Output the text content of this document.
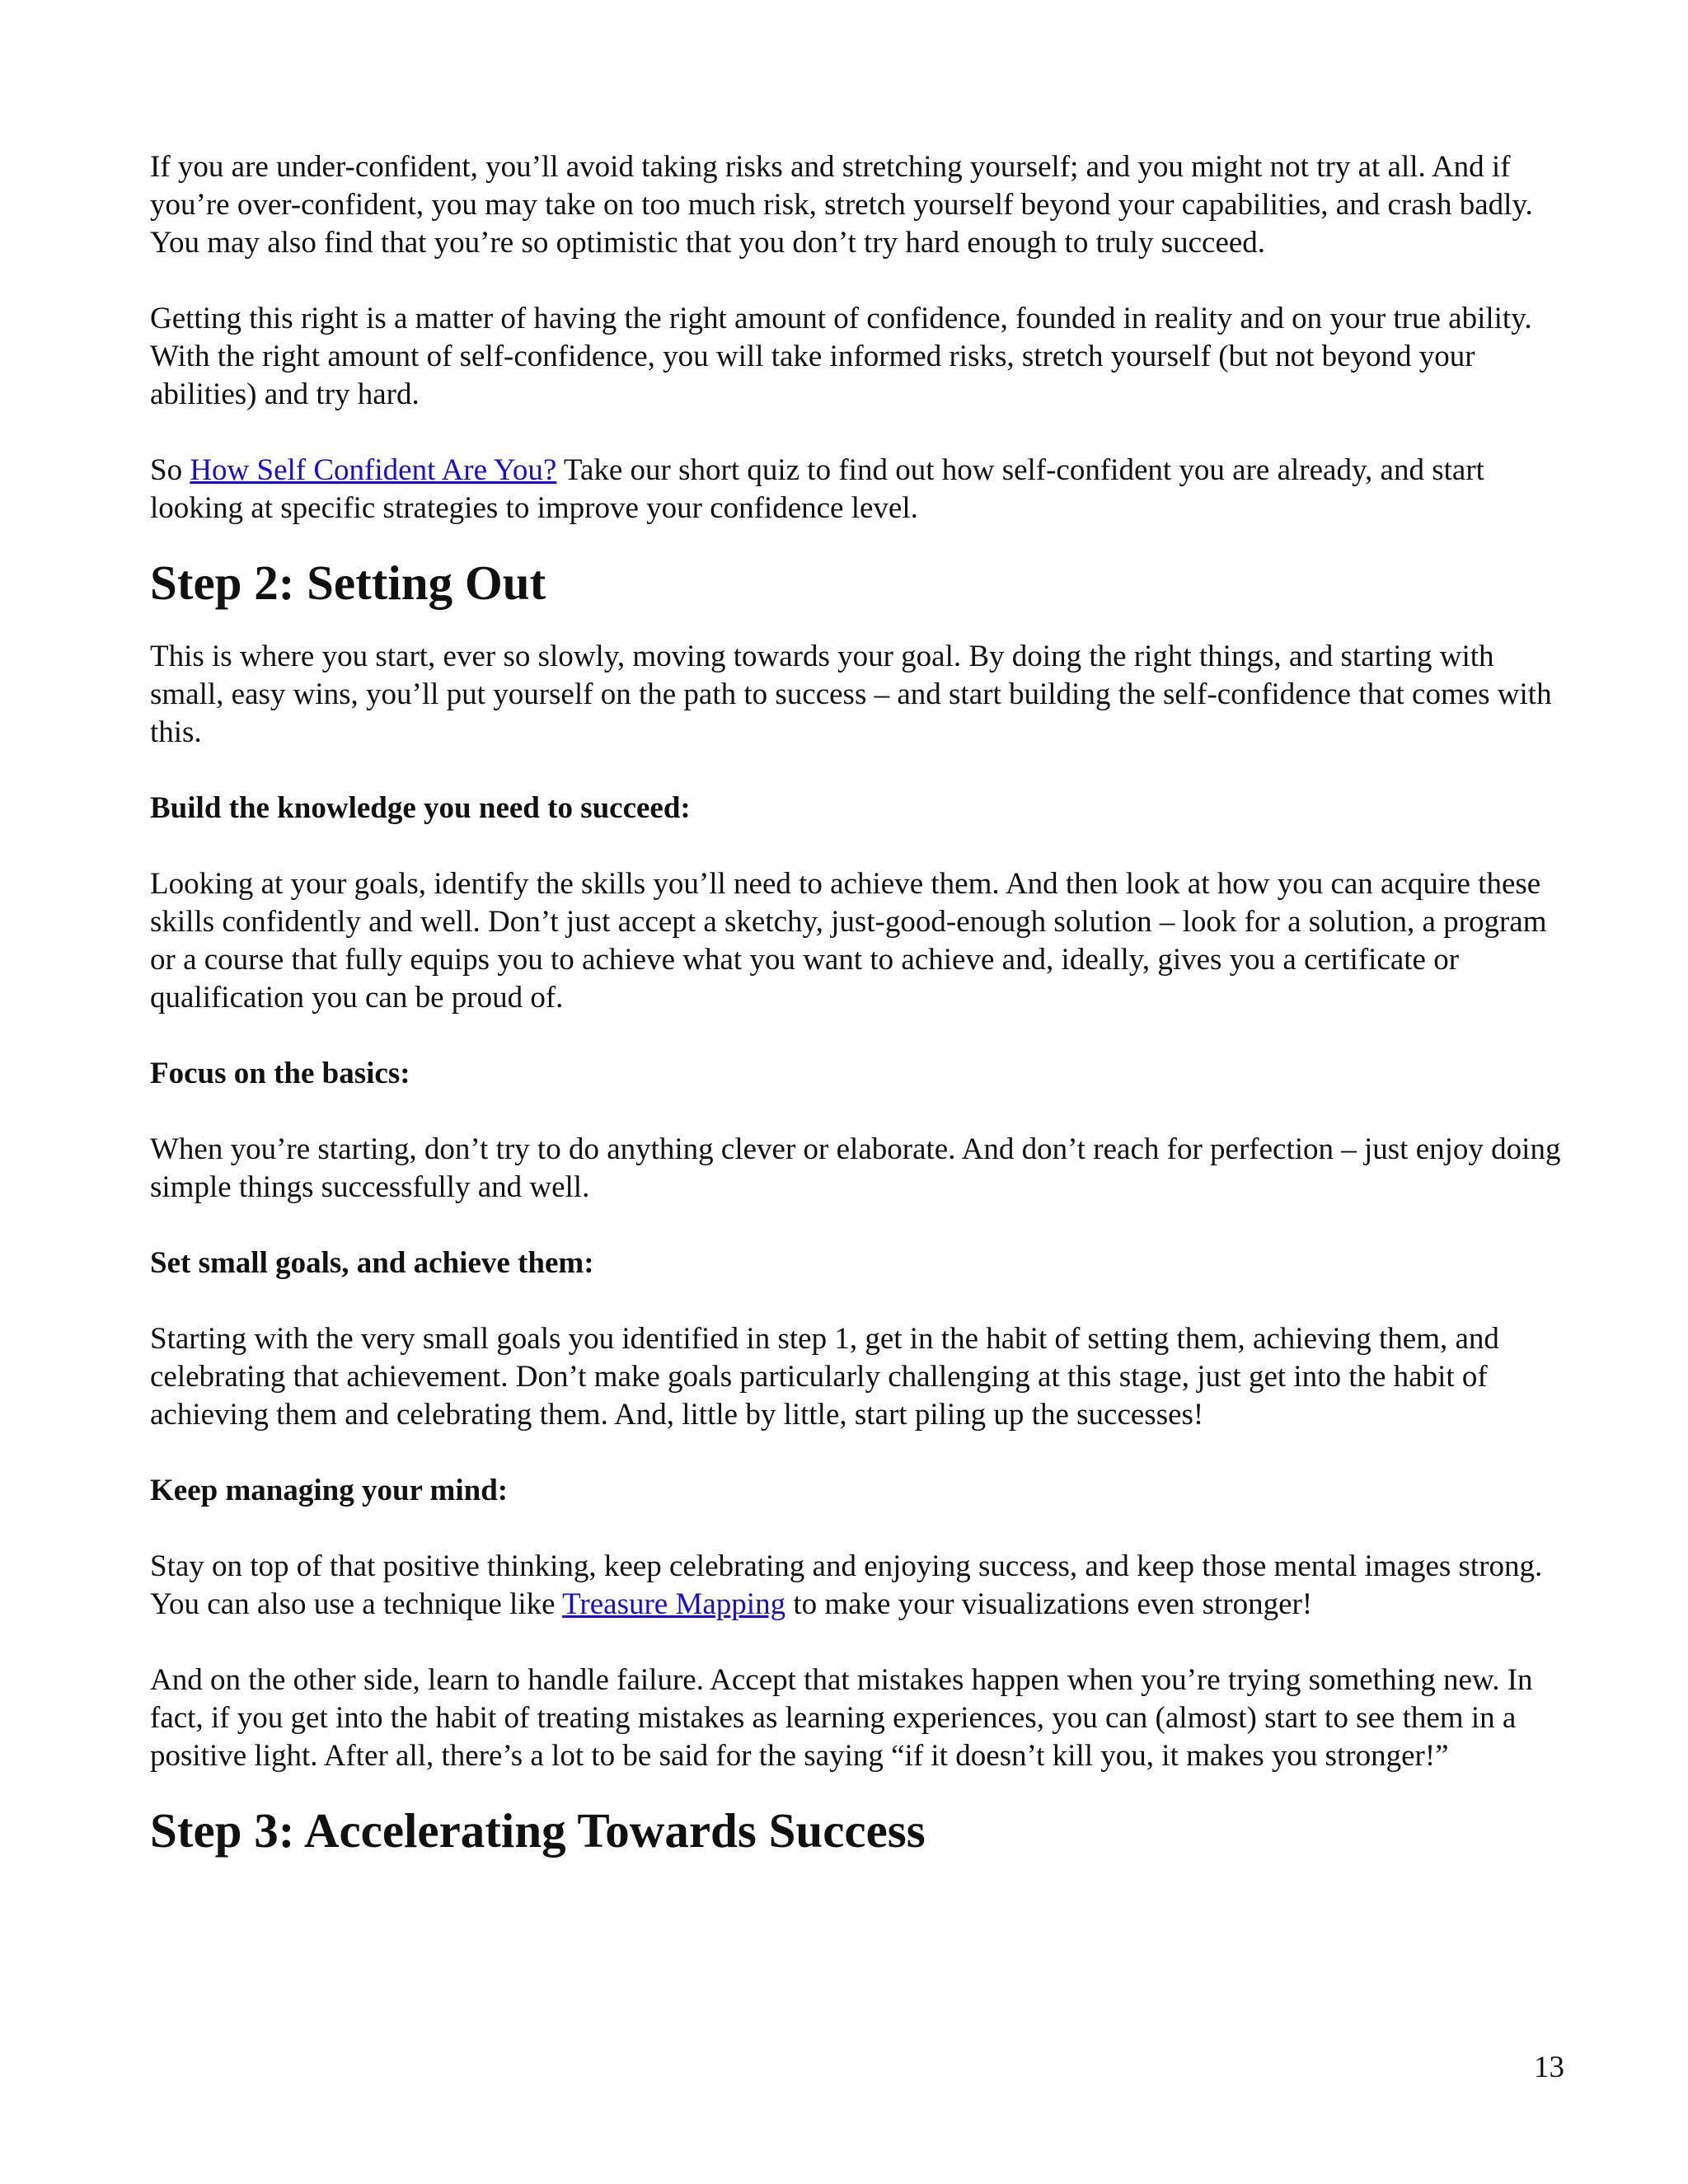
If you are under-confident, you’ll avoid taking risks and stretching yourself; and you might not try at all. And if you’re over-confident, you may take on too much risk, stretch yourself beyond your capabilities, and crash badly. You may also find that you’re so optimistic that you don’t try hard enough to truly succeed.

Getting this right is a matter of having the right amount of confidence, founded in reality and on your true ability. With the right amount of self-confidence, you will take informed risks, stretch yourself (but not beyond your abilities) and try hard.

So How Self Confident Are You? Take our short quiz to find out how self-confident you are already, and start looking at specific strategies to improve your confidence level.

Step 2: Setting Out

This is where you start, ever so slowly, moving towards your goal. By doing the right things, and starting with small, easy wins, you’ll put yourself on the path to success – and start building the self-confidence that comes with this.

Build the knowledge you need to succeed:

Looking at your goals, identify the skills you’ll need to achieve them. And then look at how you can acquire these skills confidently and well. Don’t just accept a sketchy, just-good-enough solution – look for a solution, a program or a course that fully equips you to achieve what you want to achieve and, ideally, gives you a certificate or qualification you can be proud of.

Focus on the basics:

When you’re starting, don’t try to do anything clever or elaborate. And don’t reach for perfection – just enjoy doing simple things successfully and well.

Set small goals, and achieve them:

Starting with the very small goals you identified in step 1, get in the habit of setting them, achieving them, and celebrating that achievement. Don’t make goals particularly challenging at this stage, just get into the habit of achieving them and celebrating them. And, little by little, start piling up the successes!

Keep managing your mind:

Stay on top of that positive thinking, keep celebrating and enjoying success, and keep those mental images strong. You can also use a technique like Treasure Mapping to make your visualizations even stronger!

And on the other side, learn to handle failure. Accept that mistakes happen when you’re trying something new. In fact, if you get into the habit of treating mistakes as learning experiences, you can (almost) start to see them in a positive light. After all, there’s a lot to be said for the saying “if it doesn’t kill you, it makes you stronger!”

Step 3: Accelerating Towards Success
13
